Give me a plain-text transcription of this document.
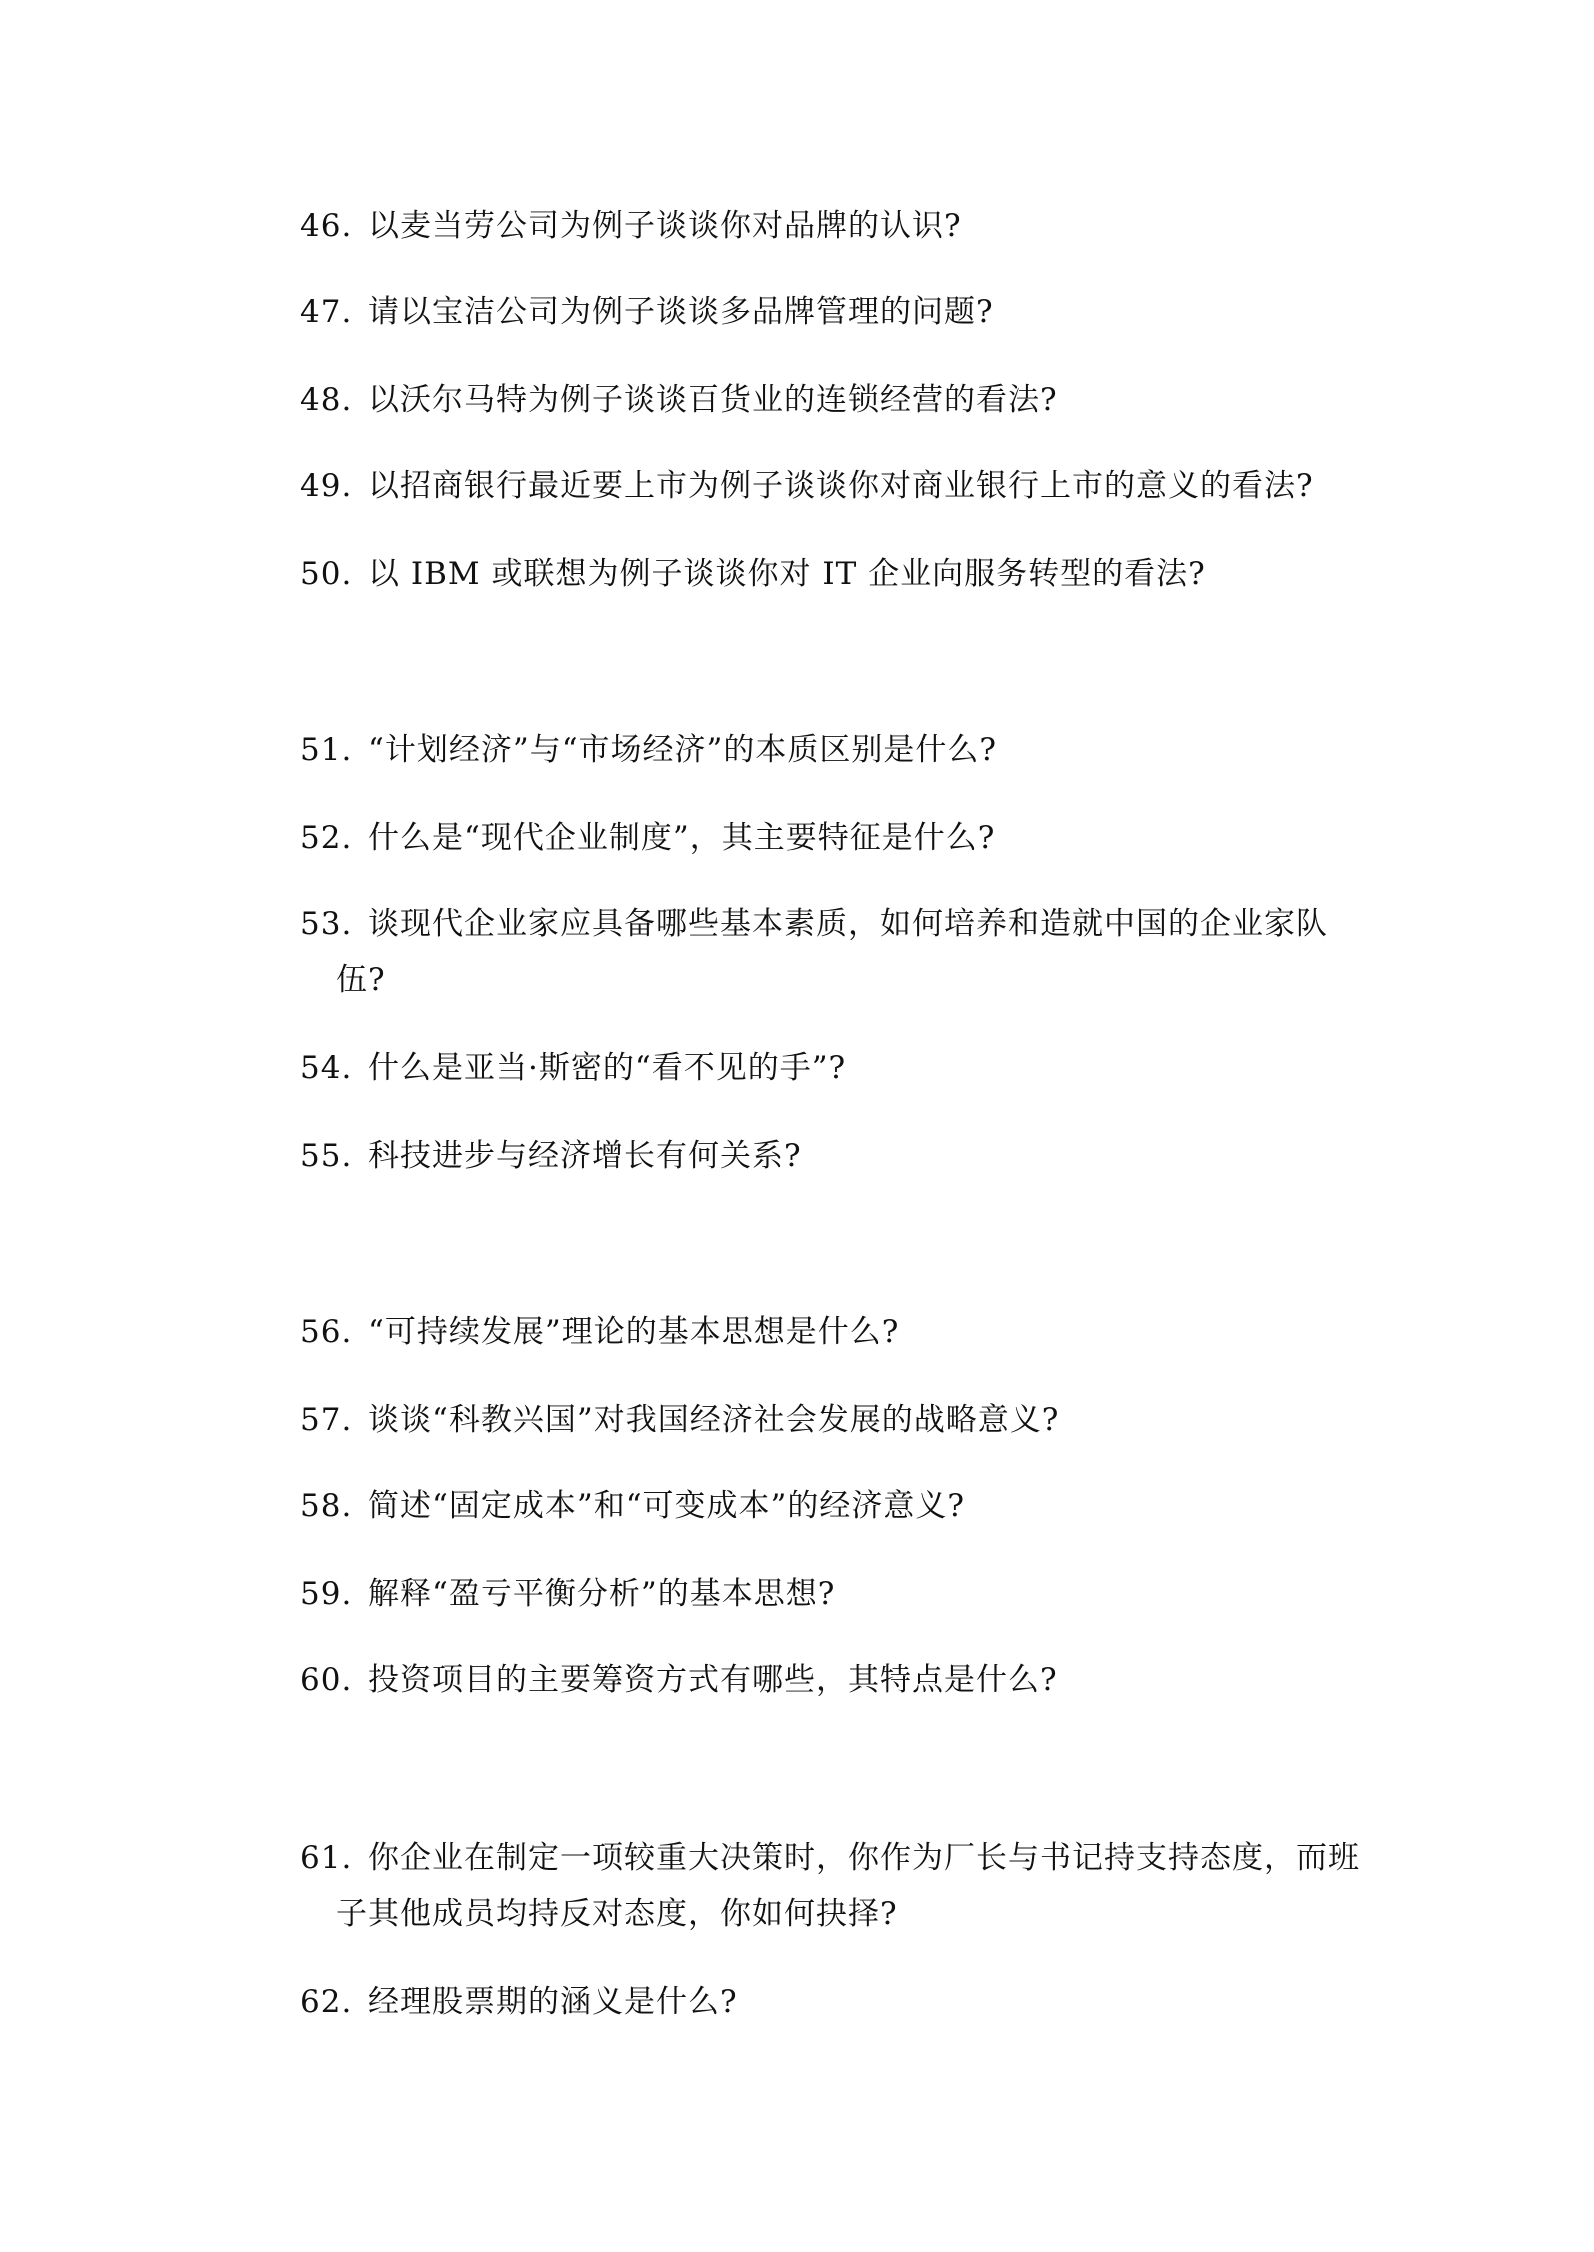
46. 以麦当劳公司为例子谈谈你对品牌的认识?
47. 请以宝洁公司为例子谈谈多品牌管理的问题?
48. 以沃尔马特为例子谈谈百货业的连锁经营的看法?
49. 以招商银行最近要上市为例子谈谈你对商业银行上市的意义的看法?
50. 以 IBM 或联想为例子谈谈你对 IT 企业向服务转型的看法?
51. “计划经济”与“市场经济”的本质区别是什么?
52. 什么是“现代企业制度”，其主要特征是什么?
53. 谈现代企业家应具备哪些基本素质，如何培养和造就中国的企业家队
伍?
54. 什么是亚当·斯密的“看不见的手”?
55. 科技进步与经济增长有何关系?
56. “可持续发展”理论的基本思想是什么?
57. 谈谈“科教兴国”对我国经济社会发展的战略意义?
58. 简述“固定成本”和“可变成本”的经济意义?
59. 解释“盈亏平衡分析”的基本思想?
60. 投资项目的主要筹资方式有哪些，其特点是什么?
61. 你企业在制定一项较重大决策时，你作为厂长与书记持支持态度，而班
子其他成员均持反对态度，你如何抉择?
62. 经理股票期的涵义是什么?
